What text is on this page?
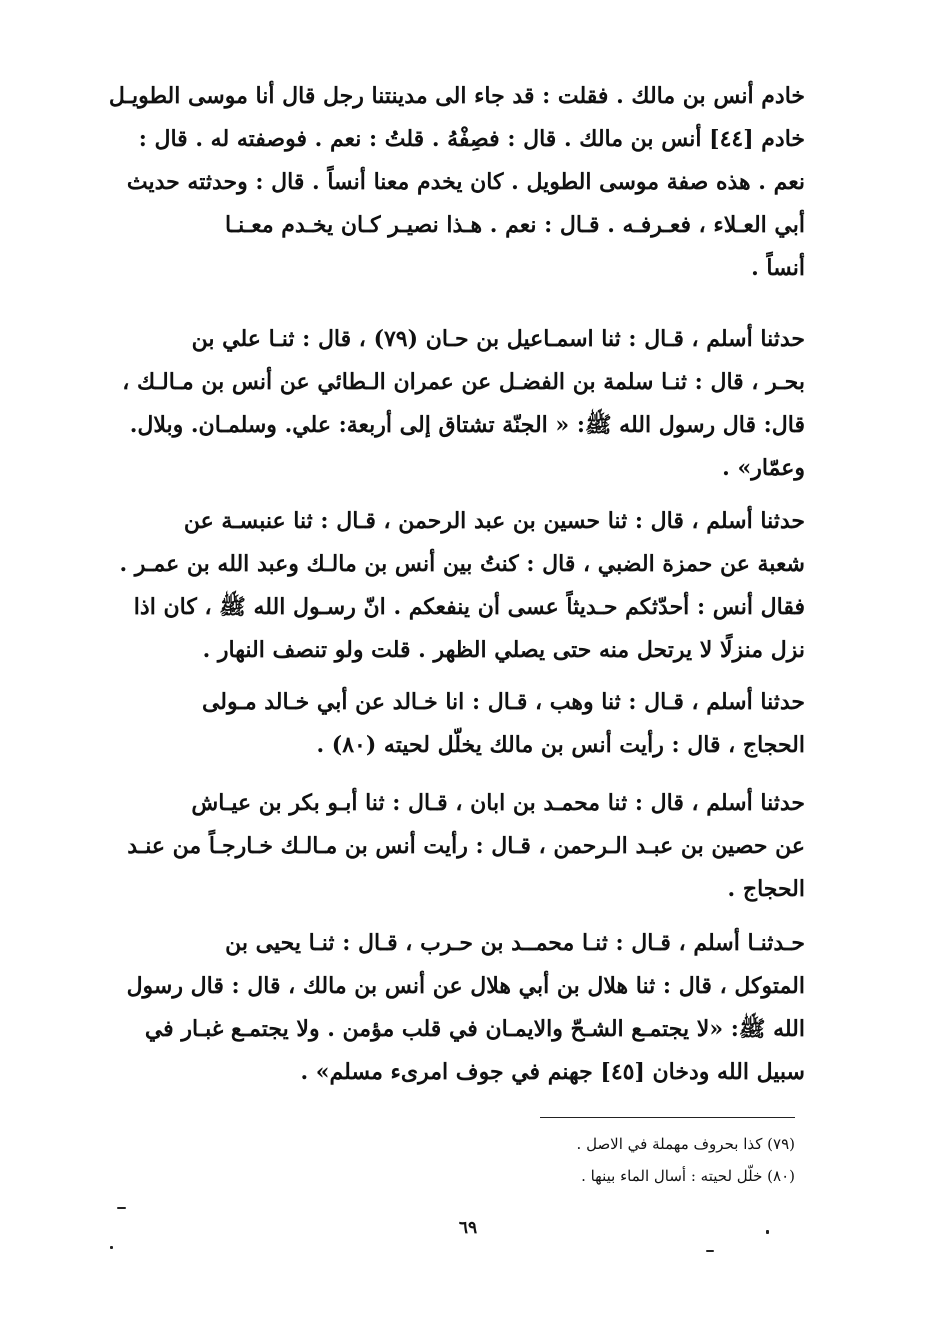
خادم أنس بن مالك . فقلت : قد جاء الى مدينتنا رجل قال أنا موسى الطويـل
خادم [٤٤] أنس بن مالك . قال : فصِفْهُ . قلتُ : نعم . فوصفته له . قال :
نعم . هذه صفة موسى الطويل . كان يخدم معنا أنساً . قال : وحدثته حديث
أبي العـلاء ، فعـرفـه . قـال : نعم . هـذا نصيـر كـان يخـدم معـنـا
أنساً .
حدثنا أسلم ، قـال : ثنا اسمـاعيل بن حـان (٧٩) ، قال : ثنـا علي بن
بحـر ، قال : ثنـا سلمة بن الفضـل عن عمران الـطائي عن أنس بن مـالـك ،
قال: قال رسول الله ﷺ: « الجنّة تشتاق إلى أربعة: علي. وسلمـان. وبلال.
وعمّار» .
حدثنا أسلم ، قال : ثنا حسين بن عبد الرحمن ، قـال : ثنا عنبسـة عن
شعبة عن حمزة الضبي ، قال : كنتُ بين أنس بن مالـك وعبد الله بن عمـر .
فقال أنس : أحدّثكم حـديثاً عسى أن ينفعكم . انّ رسـول الله ﷺ ، كان اذا
نزل منزلًا لا يرتحل منه حتى يصلي الظهر . قلت ولو تنصف النهار .
حدثنا أسلم ، قـال : ثنا وهب ، قـال : انا خـالد عن أبي خـالد مـولى
الحجاج ، قال : رأيت أنس بن مالك يخلّل لحيته (٨٠) .
حدثنا أسلم ، قال : ثنا محمـد بن ابان ، قـال : ثنا أبـو بكر بن عيـاش
عن حصين بن عبـد الـرحمن ، قـال : رأيت أنس بن مـالـك خـارجـاً من عنـد
الحجاج .
حـدثنـا أسلم ، قـال : ثنـا محمــد بن حـرب ، قـال : ثنـا يحيى بن
المتوكل ، قال : ثنا هلال بن أبي هلال عن أنس بن مالك ، قال : قال رسول
الله ﷺ: «لا يجتمـع الشـحّ والايمـان في قلب مؤمن . ولا يجتمـع غبـار في
سبيل الله ودخان [٤٥] جهنم في جوف امرىء مسلم» .
(٧٩) كذا بحروف مهملة في الاصل .
(٨٠) خلّل لحيته : أسال الماء بينها .
٦٩
